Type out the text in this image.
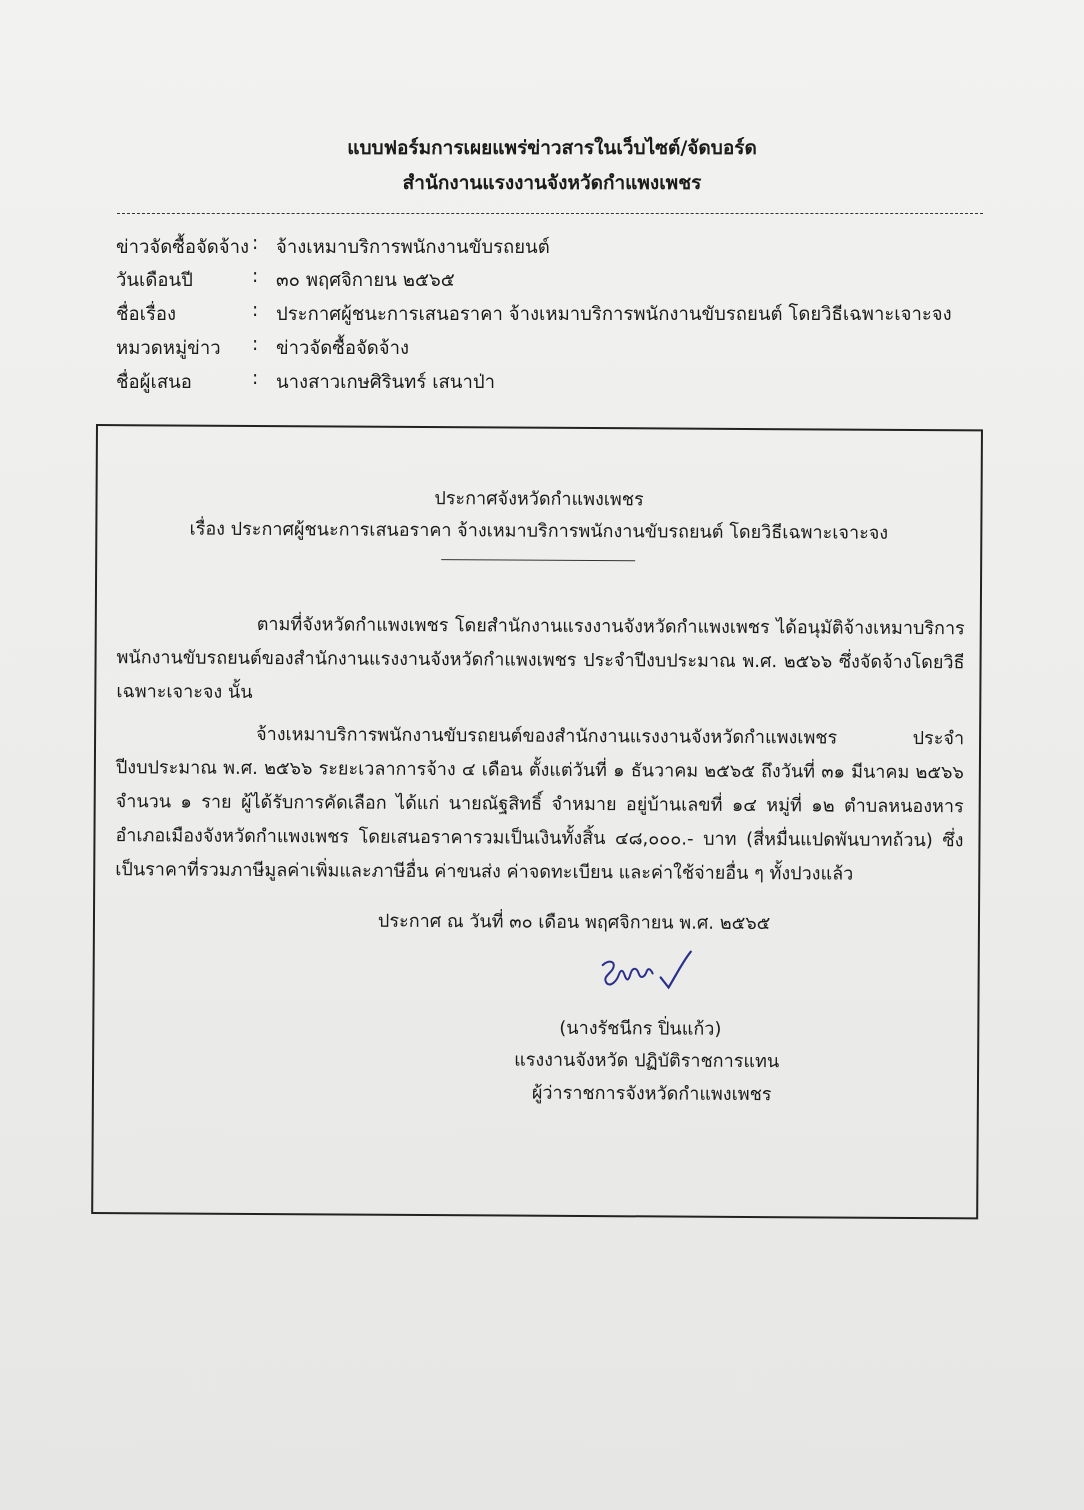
แบบฟอร์มการเผยแพร่ข่าวสารในเว็บไซต์/จัดบอร์ด
สำนักงานแรงงานจังหวัดกำแพงเพชร
ข่าวจัดซื้อจัดจ้าง : จ้างเหมาบริการพนักงานขับรถยนต์
วันเดือนปี	: ๓๐ พฤศจิกายน ๒๕๖๕
ชื่อเรื่อง	: ประกาศผู้ชนะการเสนอราคา จ้างเหมาบริการพนักงานขับรถยนต์ โดยวิธีเฉพาะเจาะจง
หมวดหมู่ข่าว : ข่าวจัดซื้อจัดจ้าง
ชื่อผู้เสนอ	: นางสาวเกษศิรินทร์ เสนาป่า
ประกาศจังหวัดกำแพงเพชร
เรื่อง ประกาศผู้ชนะการเสนอราคา จ้างเหมาบริการพนักงานขับรถยนต์ โดยวิธีเฉพาะเจาะจง

ตามที่จังหวัดกำแพงเพชร โดยสำนักงานแรงงานจังหวัดกำแพงเพชร ได้อนุมัติจ้างเหมาบริการพนักงานขับรถยนต์ของสำนักงานแรงงานจังหวัดกำแพงเพชร ประจำปีงบประมาณ พ.ศ. ๒๕๖๖ ซึ่งจัดจ้างโดยวิธีเฉพาะเจาะจง นั้น

จ้างเหมาบริการพนักงานขับรถยนต์ของสำนักงานแรงงานจังหวัดกำแพงเพชร ประจำปีงบประมาณ พ.ศ. ๒๕๖๖ ระยะเวลาการจ้าง ๔ เดือน ตั้งแต่วันที่ ๑ ธันวาคม ๒๕๖๕ ถึงวันที่ ๓๑ มีนาคม ๒๕๖๖ จำนวน ๑ ราย ผู้ได้รับการคัดเลือก ได้แก่ นายณัฐสิทธิ์ จำหมาย อยู่บ้านเลขที่ ๑๔ หมู่ที่ ๑๒ ตำบลหนองหาร อำเภอเมืองจังหวัดกำแพงเพชร โดยเสนอราคารวมเป็นเงินทั้งสิ้น ๔๘,๐๐๐.- บาท (สี่หมื่นแปดพันบาทถ้วน) ซึ่งเป็นราคาที่รวมภาษีมูลค่าเพิ่มและภาษีอื่น ค่าขนส่ง ค่าจดทะเบียน และค่าใช้จ่ายอื่น ๆ ทั้งปวงแล้ว

ประกาศ ณ วันที่ ๓๐ เดือน พฤศจิกายน พ.ศ. ๒๕๖๕
(นางรัชนีกร ปิ่นแก้ว)
แรงงานจังหวัด ปฏิบัติราชการแทน
ผู้ว่าราชการจังหวัดกำแพงเพชร
